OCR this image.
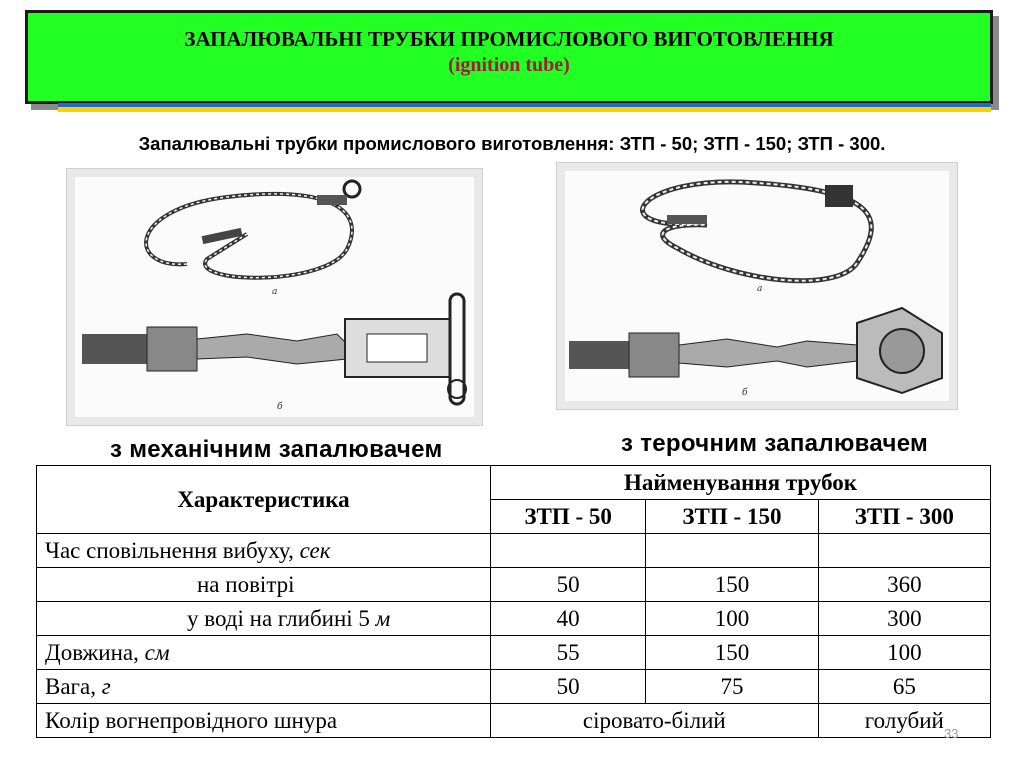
ЗАПАЛЮВАЛЬНІ ТРУБКИ ПРОМИСЛОВОГО ВИГОТОВЛЕННЯ
(ignition tube)
Запалювальні трубки промислового виготовлення: ЗТП - 50; ЗТП - 150; ЗТП - 300.
а
б
а
б
з механічним запалювачем	з терочним запалювачем
Характеристика	Найменування трубок		
	ЗТП - 50	ЗТП - 150	ЗТП - 300
Час сповільнення вибуху, сек			
на повітрі	50	150	360
у воді на глибині 5 м	40	100	300
Довжина, см	55	150	100
Вага, г	50	75	65
Колір вогнепровідного шнура	сіровато-білий		голубий
33
